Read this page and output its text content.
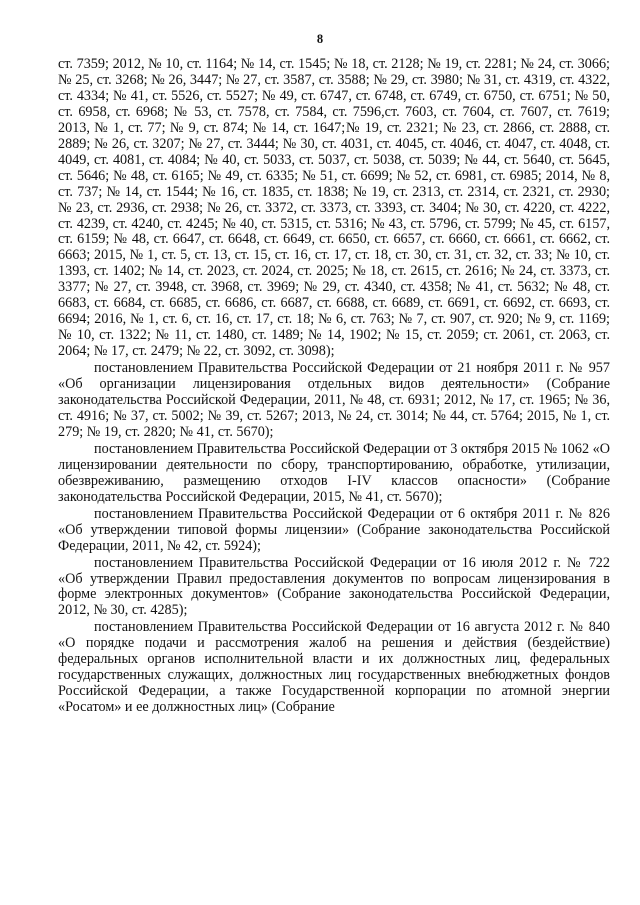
8

ст. 7359; 2012, № 10, ст. 1164; № 14, ст. 1545; № 18, ст. 2128; № 19, ст. 2281; № 24, ст. 3066; № 25, ст. 3268; № 26, 3447; № 27, ст. 3587, ст. 3588; № 29, ст. 3980; № 31, ст. 4319, ст. 4322, ст. 4334; № 41, ст. 5526, ст. 5527; № 49, ст. 6747, ст. 6748, ст. 6749, ст. 6750, ст. 6751; № 50, ст. 6958, ст. 6968; № 53, ст. 7578, ст. 7584, ст. 7596,ст. 7603, ст. 7604, ст. 7607, ст. 7619; 2013, № 1, ст. 77; № 9, ст. 874; № 14, ст. 1647;№ 19, ст. 2321; № 23, ст. 2866, ст. 2888, ст. 2889; № 26, ст. 3207; № 27, ст. 3444; № 30, ст. 4031, ст. 4045, ст. 4046, ст. 4047, ст. 4048, ст. 4049, ст. 4081, ст. 4084; № 40, ст. 5033, ст. 5037, ст. 5038, ст. 5039; № 44, ст. 5640, ст. 5645, ст. 5646; № 48, ст. 6165; № 49, ст. 6335; № 51, ст. 6699; № 52, ст. 6981, ст. 6985; 2014, № 8, ст. 737; № 14, ст. 1544; № 16, ст. 1835, ст. 1838; № 19, ст. 2313, ст. 2314, ст. 2321, ст. 2930; № 23, ст. 2936, ст. 2938; № 26, ст. 3372, ст. 3373, ст. 3393, ст. 3404; № 30, ст. 4220, ст. 4222, ст. 4239, ст. 4240, ст. 4245; № 40, ст. 5315, ст. 5316; № 43, ст. 5796, ст. 5799; № 45, ст. 6157, ст. 6159; № 48, ст. 6647, ст. 6648, ст. 6649, ст. 6650, ст. 6657, ст. 6660, ст. 6661, ст. 6662, ст. 6663; 2015, № 1, ст. 5, ст. 13, ст. 15, ст. 16, ст. 17, ст. 18, ст. 30, ст. 31, ст. 32, ст. 33; № 10, ст. 1393, ст. 1402; № 14, ст. 2023, ст. 2024, ст. 2025; № 18, ст. 2615, ст. 2616; № 24, ст. 3373, ст. 3377; № 27, ст. 3948, ст. 3968, ст. 3969; № 29, ст. 4340, ст. 4358; № 41, ст. 5632; № 48, ст. 6683, ст. 6684, ст. 6685, ст. 6686, ст. 6687, ст. 6688, ст. 6689, ст. 6691, ст. 6692, ст. 6693, ст. 6694; 2016, № 1, ст. 6, ст. 16, ст. 17, ст. 18; № 6, ст. 763; № 7, ст. 907, ст. 920; № 9, ст. 1169; № 10, ст. 1322; № 11, ст. 1480, ст. 1489; № 14, 1902; № 15, ст. 2059; ст. 2061, ст. 2063, ст. 2064; № 17, ст. 2479; № 22, ст. 3092, ст. 3098);

постановлением Правительства Российской Федерации от 21 ноября 2011 г. № 957 «Об организации лицензирования отдельных видов деятельности» (Собрание законодательства Российской Федерации, 2011, № 48, ст. 6931; 2012, № 17, ст. 1965; № 36, ст. 4916; № 37, ст. 5002; № 39, ст. 5267; 2013, № 24, ст. 3014; № 44, ст. 5764; 2015, № 1, ст. 279; № 19, ст. 2820; № 41, ст. 5670);

постановлением Правительства Российской Федерации от 3 октября 2015 № 1062 «О лицензировании деятельности по сбору, транспортированию, обработке, утилизации, обезвреживанию, размещению отходов I-IV классов опасности» (Собрание законодательства Российской Федерации, 2015, № 41, ст. 5670);

постановлением Правительства Российской Федерации от 6 октября 2011 г. № 826 «Об утверждении типовой формы лицензии» (Собрание законодательства Российской Федерации, 2011, № 42, ст. 5924);

постановлением Правительства Российской Федерации от 16 июля 2012 г. № 722 «Об утверждении Правил предоставления документов по вопросам лицензирования в форме электронных документов» (Собрание законодательства Российской Федерации, 2012, № 30, ст. 4285);

постановлением Правительства Российской Федерации от 16 августа 2012 г. № 840 «О порядке подачи и рассмотрения жалоб на решения и действия (бездействие) федеральных органов исполнительной власти и их должностных лиц, федеральных государственных служащих, должностных лиц государственных внебюджетных фондов Российской Федерации, а также Государственной корпорации по атомной энергии «Росатом» и ее должностных лиц» (Собрание
